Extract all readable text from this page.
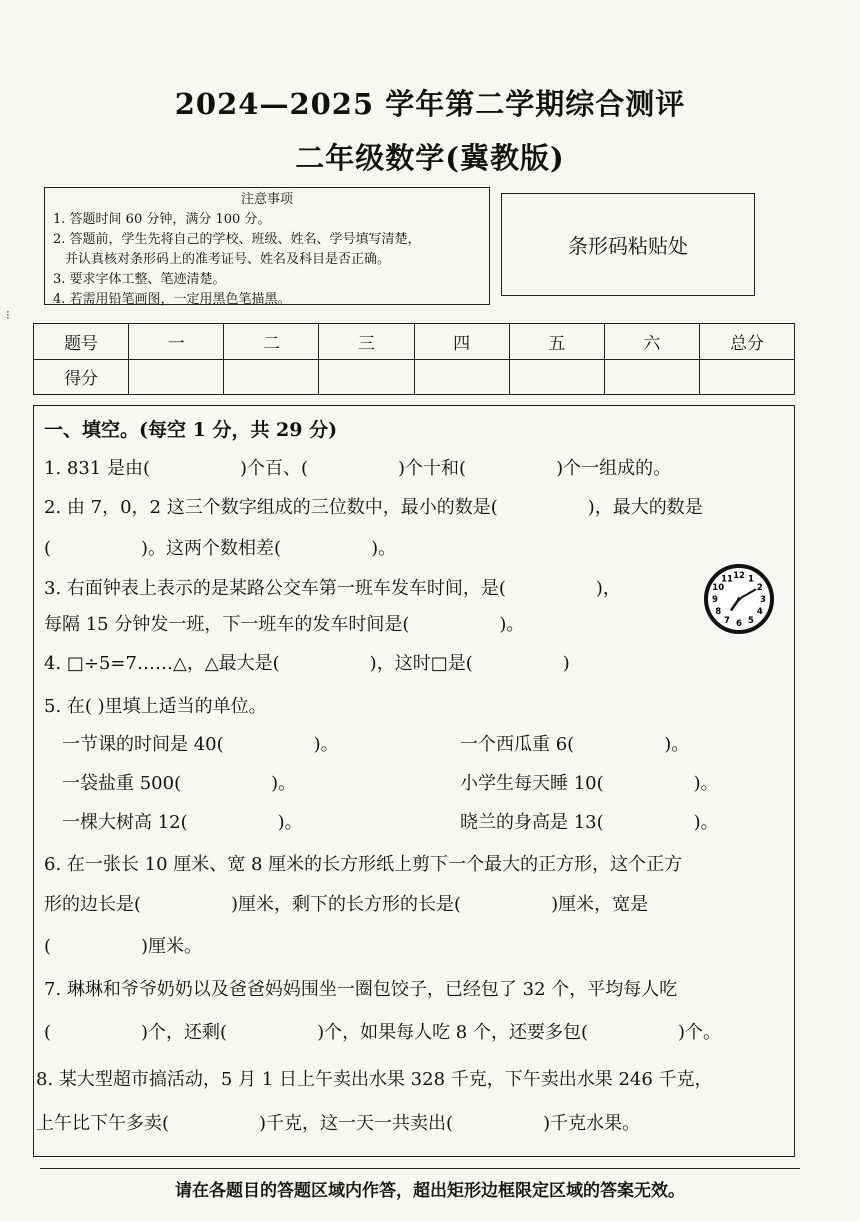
2024—2025 学年第二学期综合测评
二年级数学(冀教版)
注意事项
1. 答题时间 60 分钟，满分 100 分。
2. 答题前，学生先将自己的学校、班级、姓名、学号填写清楚，
并认真核对条形码上的准考证号、姓名及科目是否正确。
3. 要求字体工整、笔迹清楚。
4. 若需用铅笔画图，一定用黑色笔描黑。
条形码粘贴处
⁝
题号	一	二	三	四	五	六	总分
得分							
一、填空。(每空 1 分，共 29 分)
1. 831 是由(　　　　　)个百、(　　　　　)个十和(　　　　　)个一组成的。
2. 由 7，0，2 这三个数字组成的三位数中，最小的数是(　　　　　)，最大的数是
(　　　　　)。这两个数相差(　　　　　)。
3. 右面钟表上表示的是某路公交车第一班车发车时间，是(　　　　　)，
每隔 15 分钟发一班，下一班车的发车时间是(　　　　　)。
4. □÷5=7……△，△最大是(　　　　　)，这时□是(　　　　　)
5. 在( )里填上适当的单位。
一节课的时间是 40(　　　　　)。	一个西瓜重 6(　　　　　)。
一袋盐重 500(　　　　　)。	小学生每天睡 10(　　　　　)。
一棵大树高 12(　　　　　)。	晓兰的身高是 13(　　　　　)。
6. 在一张长 10 厘米、宽 8 厘米的长方形纸上剪下一个最大的正方形，这个正方
形的边长是(　　　　　)厘米，剩下的长方形的长是(　　　　　)厘米，宽是
(　　　　　)厘米。
7. 琳琳和爷爷奶奶以及爸爸妈妈围坐一圈包饺子，已经包了 32 个，平均每人吃
(　　　　　)个，还剩(　　　　　)个，如果每人吃 8 个，还要多包(　　　　　)个。
8. 某大型超市搞活动，5 月 1 日上午卖出水果 328 千克，下午卖出水果 246 千克，
上午比下午多卖(　　　　　)千克，这一天一共卖出(　　　　　)千克水果。
12 1
2
3
4
5
6
7
8
9
10
11
请在各题目的答题区域内作答，超出矩形边框限定区域的答案无效。
